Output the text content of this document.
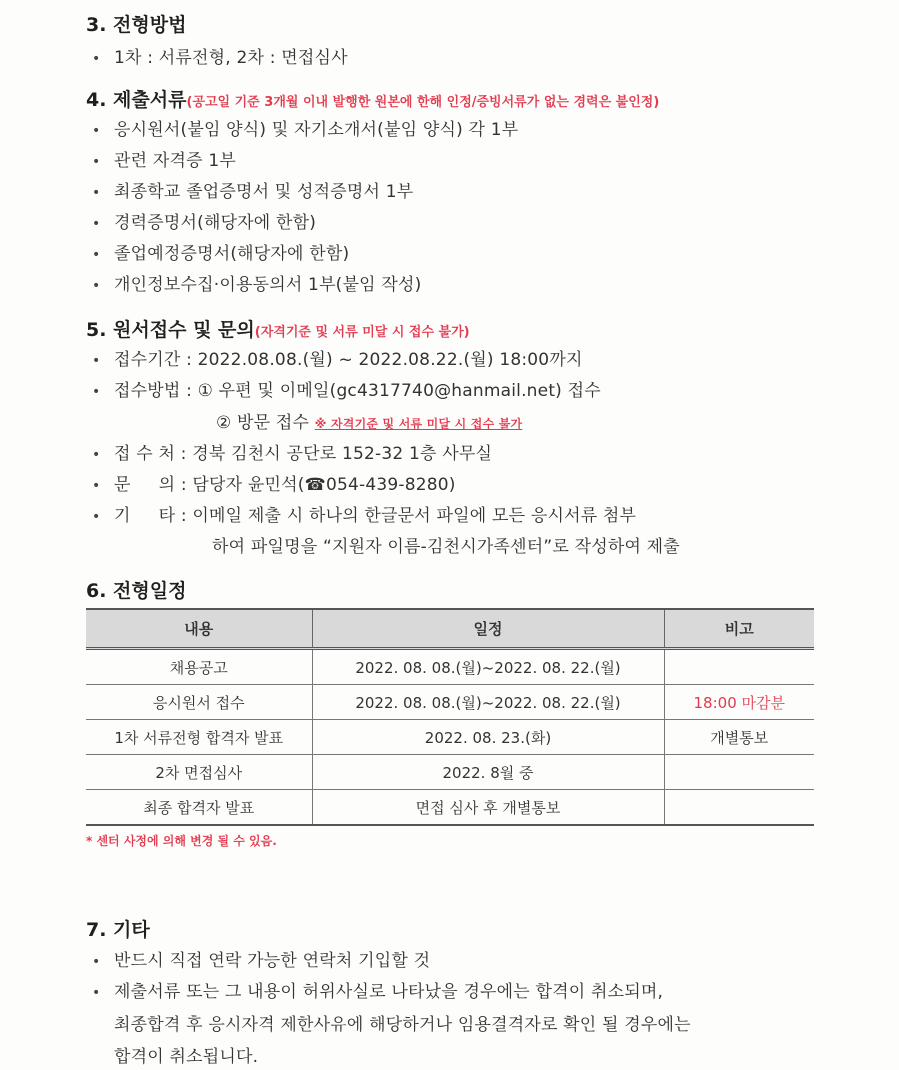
3. 전형방법
• 1차 : 서류전형, 2차 : 면접심사
4. 제출서류(공고일 기준 3개월 이내 발행한 원본에 한해 인정/증빙서류가 없는 경력은 불인정)
• 응시원서(붙임 양식) 및 자기소개서(붙임 양식) 각 1부
• 관련 자격증 1부
• 최종학교 졸업증명서 및 성적증명서 1부
• 경력증명서(해당자에 한함)
• 졸업예정증명서(해당자에 한함)
• 개인정보수집·이용동의서 1부(붙임 작성)
5. 원서접수 및 문의(자격기준 및 서류 미달 시 접수 불가)
• 접수기간 : 2022.08.08.(월) ~ 2022.08.22.(월) 18:00까지
• 접수방법 : ① 우편 및 이메일(gc4317740@hanmail.net) 접수
② 방문 접수 ※ 자격기준 및 서류 미달 시 접수 불가
• 접 수 처 : 경북 김천시 공단로 152-32 1층 사무실
• 문     의 : 담당자 윤민석(☎054-439-8280)
• 기     타 : 이메일 제출 시 하나의 한글문서 파일에 모든 응시서류 첨부
하여 파일명을 “지원자 이름-김천시가족센터”로 작성하여 제출
6. 전형일정
내용	일정	비고
채용공고	2022. 08. 08.(월)~2022. 08. 22.(월)	
응시원서 접수	2022. 08. 08.(월)~2022. 08. 22.(월)	18:00 마감분
1차 서류전형 합격자 발표	2022. 08. 23.(화)	개별통보
2차 면접심사	2022. 8월 중	
최종 합격자 발표	면접 심사 후 개별통보	
* 센터 사정에 의해 변경 될 수 있음.
7. 기타
• 반드시 직접 연락 가능한 연락처 기입할 것
• 제출서류 또는 그 내용이 허위사실로 나타났을 경우에는 합격이 취소되며,
최종합격 후 응시자격 제한사유에 해당하거나 임용결격자로 확인 될 경우에는
합격이 취소됩니다.
